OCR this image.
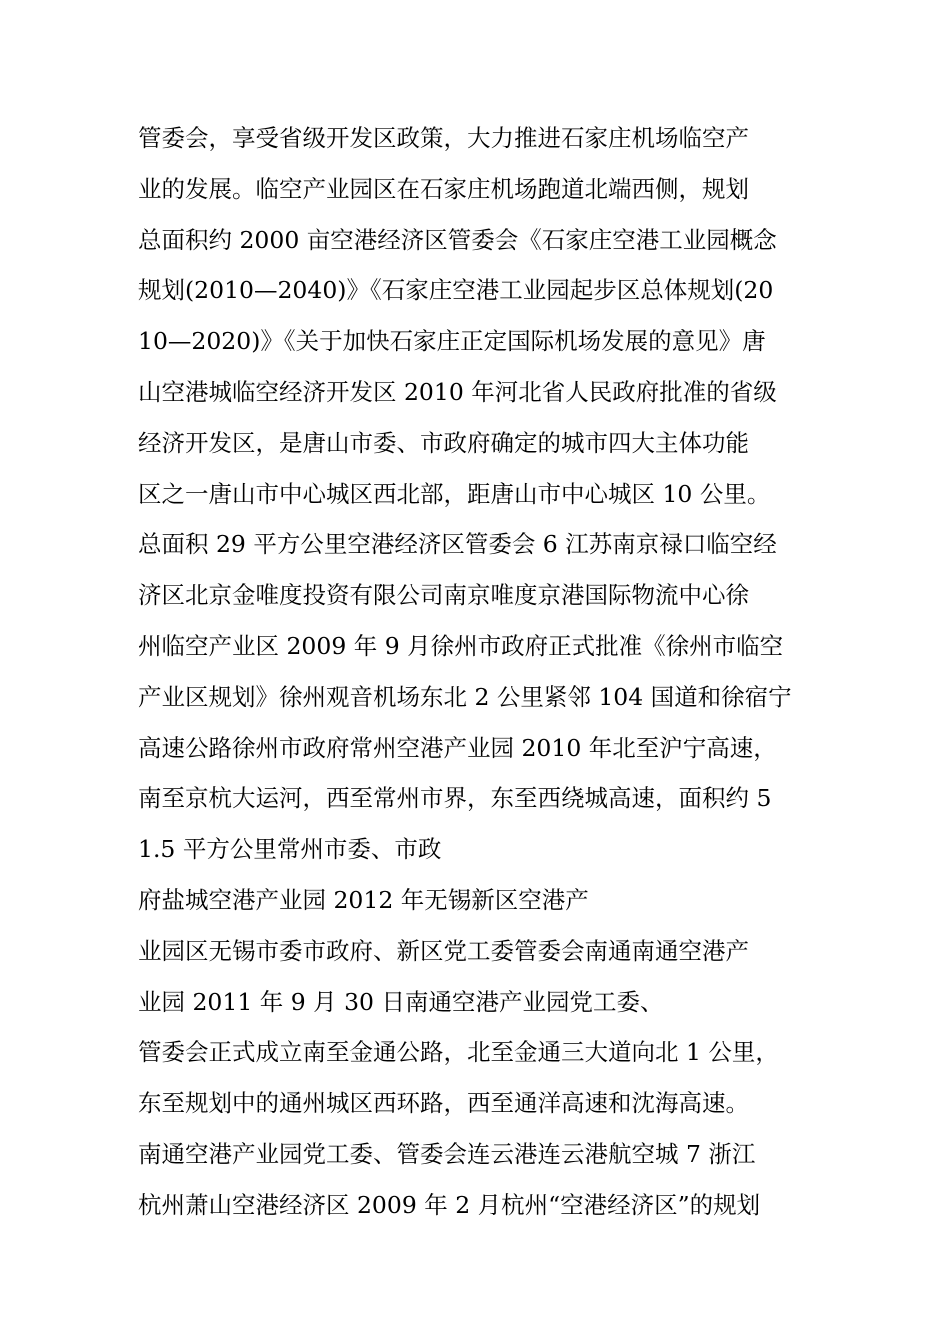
管委会，享受省级开发区政策，大力推进石家庄机场临空产
业的发展。临空产业园区在石家庄机场跑道北端西侧，规划
总面积约 2000 亩空港经济区管委会《石家庄空港工业园概念
规划(2010—2040)》《石家庄空港工业园起步区总体规划(20
10—2020)》《关于加快石家庄正定国际机场发展的意见》唐
山空港城临空经济开发区 2010 年河北省人民政府批准的省级
经济开发区，是唐山市委、市政府确定的城市四大主体功能
区之一唐山市中心城区西北部，距唐山市中心城区 10 公里。
总面积 29 平方公里空港经济区管委会 6 江苏南京禄口临空经
济区北京金唯度投资有限公司南京唯度京港国际物流中心徐
州临空产业区 2009 年 9 月徐州市政府正式批准《徐州市临空
产业区规划》徐州观音机场东北 2 公里紧邻 104 国道和徐宿宁
高速公路徐州市政府常州空港产业园 2010 年北至沪宁高速，
南至京杭大运河，西至常州市界，东至西绕城高速，面积约 5
1.5 平方公里常州市委、市政
府盐城空港产业园 2012 年无锡新区空港产
业园区无锡市委市政府、新区党工委管委会南通南通空港产
业园 2011 年 9 月 30 日南通空港产业园党工委、
管委会正式成立南至金通公路，北至金通三大道向北 1 公里，
东至规划中的通州城区西环路，西至通洋高速和沈海高速。
南通空港产业园党工委、管委会连云港连云港航空城 7 浙江
杭州萧山空港经济区 2009 年 2 月杭州“空港经济区”的规划
